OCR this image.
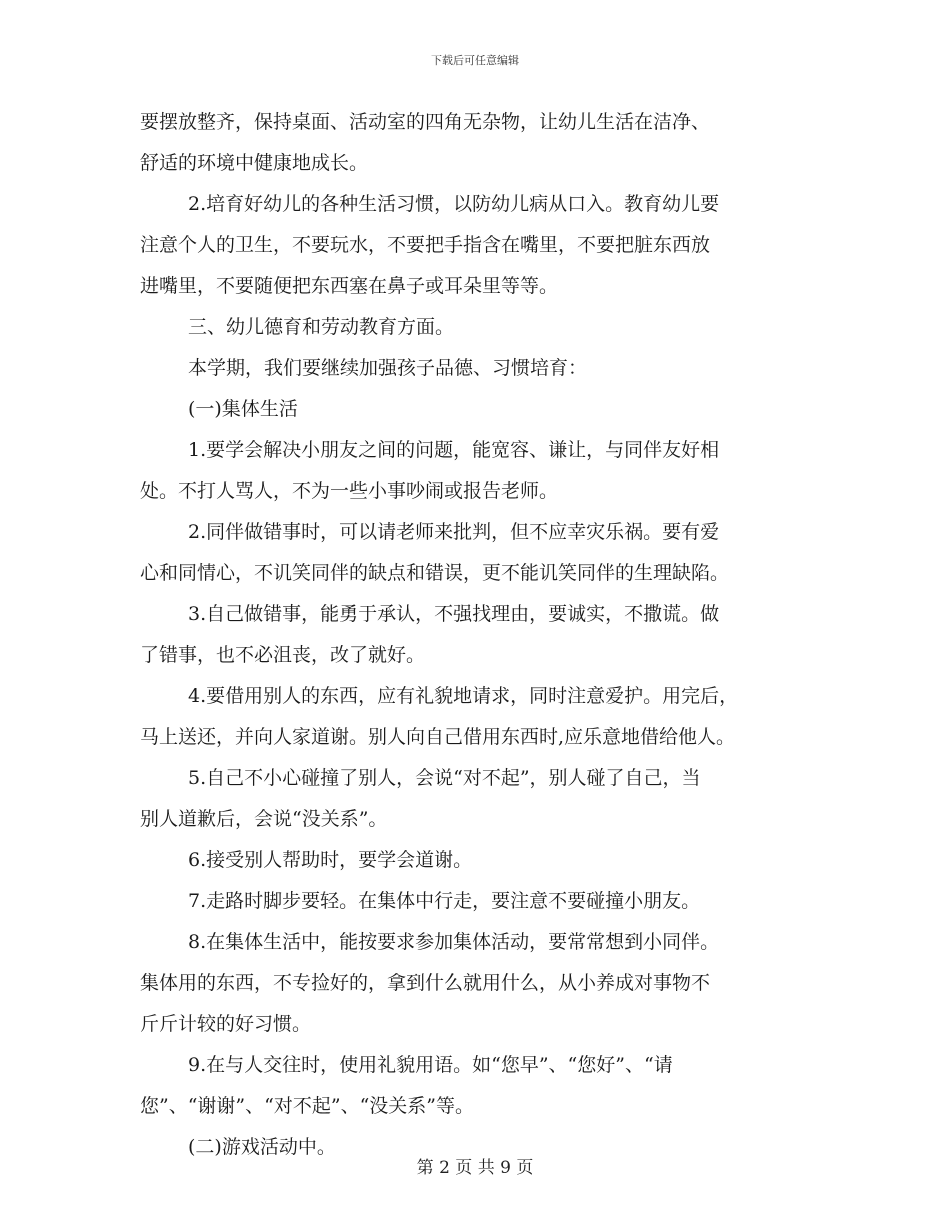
下载后可任意编辑
要摆放整齐，保持桌面、活动室的四角无杂物，让幼儿生活在洁净、
舒适的环境中健康地成长。
2.培育好幼儿的各种生活习惯，以防幼儿病从口入。教育幼儿要
注意个人的卫生，不要玩水，不要把手指含在嘴里，不要把脏东西放
进嘴里，不要随便把东西塞在鼻子或耳朵里等等。
三、幼儿德育和劳动教育方面。
本学期，我们要继续加强孩子品德、习惯培育：
(一)集体生活
1.要学会解决小朋友之间的问题，能宽容、谦让，与同伴友好相
处。不打人骂人，不为一些小事吵闹或报告老师。
2.同伴做错事时，可以请老师来批判，但不应幸灾乐祸。要有爱
心和同情心，不讥笑同伴的缺点和错误，更不能讥笑同伴的生理缺陷。
3.自己做错事，能勇于承认，不强找理由，要诚实，不撒谎。做
了错事，也不必沮丧，改了就好。
4.要借用别人的东西，应有礼貌地请求，同时注意爱护。用完后，
马上送还，并向人家道谢。别人向自己借用东西时,应乐意地借给他人。
5.自己不小心碰撞了别人，会说“对不起”，别人碰了自己，当
别人道歉后，会说“没关系”。
6.接受别人帮助时，要学会道谢。
7.走路时脚步要轻。在集体中行走，要注意不要碰撞小朋友。
8.在集体生活中，能按要求参加集体活动，要常常想到小同伴。
集体用的东西，不专捡好的，拿到什么就用什么，从小养成对事物不
斤斤计较的好习惯。
9.在与人交往时，使用礼貌用语。如“您早”、“您好”、“请
您”、“谢谢”、“对不起”、“没关系”等。
(二)游戏活动中。
第 2 页 共 9 页
